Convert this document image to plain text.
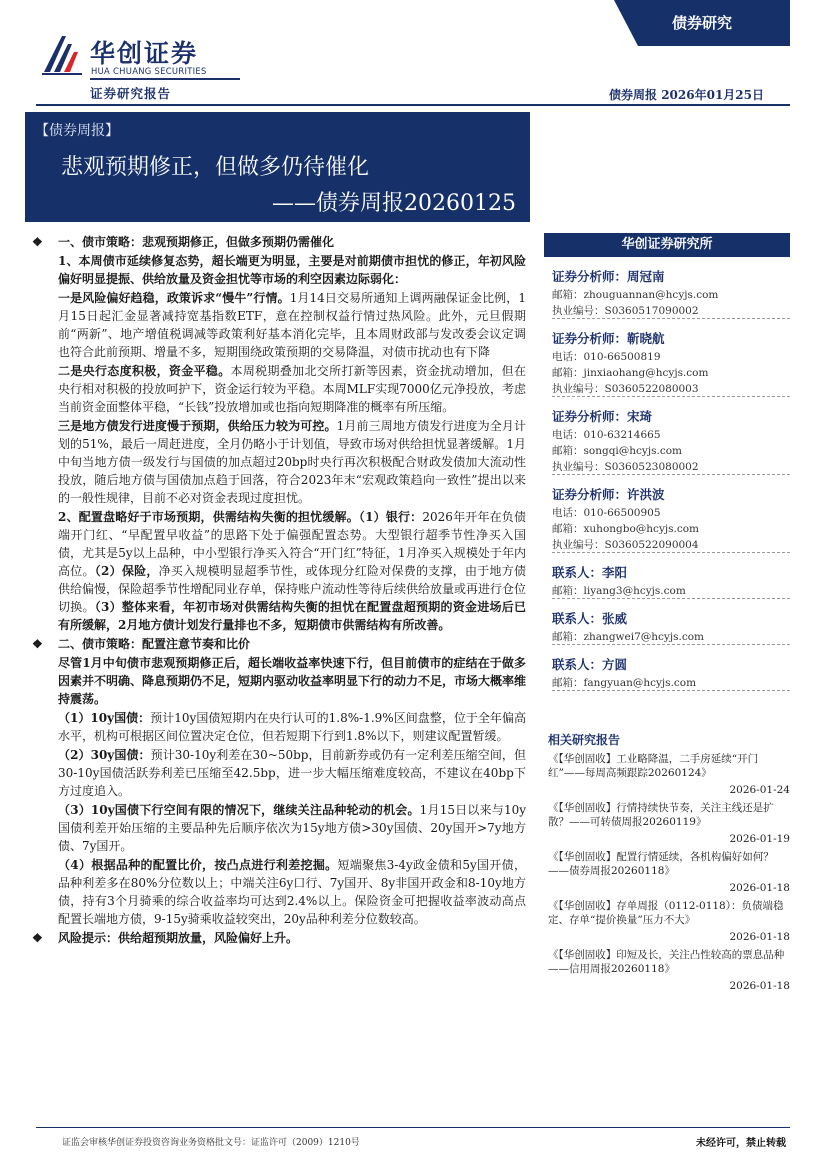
华创证券
HUA CHUANG SECURITIES
债券研究
证券研究报告	债券周报 2026年01月25日
【债券周报】
悲观预期修正，但做多仍待催化
——债券周报20260125
❖ 一、债市策略：悲观预期修正，但做多预期仍需催化
1、本周债市延续修复态势，超长端更为明显，主要是对前期债市担忧的修正，年初风险偏好明显提振、供给放量及资金担忧等市场的利空因素边际弱化：
一是风险偏好趋稳，政策诉求“慢牛”行情。1月14日交易所通知上调两融保证金比例，1月15日起汇金显著减持宽基指数ETF，意在控制权益行情过热风险。此外，元旦假期前“两新”、地产增值税调减等政策利好基本消化完毕，且本周财政部与发改委会议定调也符合此前预期、增量不多，短期围绕政策预期的交易降温，对债市扰动也有下降
二是央行态度积极，资金平稳。本周税期叠加北交所打新等因素，资金扰动增加，但在央行相对积极的投放呵护下，资金运行较为平稳。本周MLF实现7000亿元净投放，考虑当前资金面整体平稳，“长钱”投放增加或也指向短期降准的概率有所压缩。
三是地方债发行进度慢于预期，供给压力较为可控。1月前三周地方债发行进度为全月计划的51%，最后一周赶进度，全月仍略小于计划值，导致市场对供给担忧显著缓解。1月中旬当地方债一级发行与国债的加点超过20bp时央行再次积极配合财政发债加大流动性投放，随后地方债与国债加点趋于回落，符合2023年末“宏观政策趋向一致性”提出以来的一般性规律，目前不必对资金表现过度担忧。
2、配置盘略好于市场预期，供需结构失衡的担忧缓解。（1）银行：2026年开年在负债端开门红、“早配置早收益”的思路下处于偏强配置态势。大型银行超季节性净买入国债，尤其是5y以上品种，中小型银行净买入符合“开门红”特征，1月净买入规模处于年内高位。（2）保险，净买入规模明显超季节性，或体现分红险对保费的支撑，由于地方债供给偏慢，保险超季节性增配同业存单，保持账户流动性等待后续供给放量或再进行仓位切换。（3）整体来看，年初市场对供需结构失衡的担忧在配置盘超预期的资金进场后已有所缓解，2月地方债计划发行量排也不多，短期债市供需结构有所改善。
❖ 二、债市策略：配置注意节奏和比价
尽管1月中旬债市悲观预期修正后，超长端收益率快速下行，但目前债市的症结在于做多因素并不明确、降息预期仍不足，短期内驱动收益率明显下行的动力不足，市场大概率维持震荡。
（1）10y国债：预计10y国债短期内在央行认可的1.8%-1.9%区间盘整，位于全年偏高水平，机构可根据区间位置决定仓位，但若短期下行到1.8%以下，则建议配置暂缓。
（2）30y国债：预计30-10y利差在30~50bp，目前新券或仍有一定利差压缩空间，但30-10y国债活跃券利差已压缩至42.5bp，进一步大幅压缩难度较高，不建议在40bp下方过度追入。
（3）10y国债下行空间有限的情况下，继续关注品种轮动的机会。1月15日以来与10y国债利差开始压缩的主要品种先后顺序依次为15y地方债>30y国债、20y国开>7y地方债、7y国开。
（4）根据品种的配置比价，按凸点进行利差挖掘。短端聚焦3-4y政金债和5y国开债，品种利差多在80%分位数以上；中端关注6y口行、7y国开、8y非国开政金和8-10y地方债，持有3个月骑乘的综合收益率均可达到2.4%以上。保险资金可把握收益率波动高点配置长端地方债，9-15y骑乘收益较突出，20y品种利差分位数较高。
❖ 风险提示：供给超预期放量，风险偏好上升。
华创证券研究所
证券分析师：周冠南
邮箱：zhouguannan@hcyjs.com
执业编号：S0360517090002
证券分析师：靳晓航
电话：010-66500819
邮箱：jinxiaohang@hcyjs.com
执业编号：S0360522080003
证券分析师：宋琦
电话：010-63214665
邮箱：songqi@hcyjs.com
执业编号：S0360523080002
证券分析师：许洪波
电话：010-66500905
邮箱：xuhongbo@hcyjs.com
执业编号：S0360522090004
联系人：李阳
邮箱：liyang3@hcyjs.com
联系人：张威
邮箱：zhangwei7@hcyjs.com
联系人：方圆
邮箱：fangyuan@hcyjs.com
相关研究报告
《【华创固收】工业略降温，二手房延续“开门红”——每周高频跟踪20260124》
2026-01-24
《【华创固收】行情持续快节奏，关注主线还是扩散？——可转债周报20260119》
2026-01-19
《【华创固收】配置行情延续，各机构偏好如何？——债券周报20260118》
2026-01-18
《【华创固收】存单周报（0112-0118）：负债端稳定、存单“提价换量”压力不大》
2026-01-18
《【华创固收】印短及长，关注凸性较高的票息品种——信用周报20260118》
2026-01-18
证监会审核华创证券投资咨询业务资格批文号：证监许可（2009）1210号	未经许可，禁止转载
